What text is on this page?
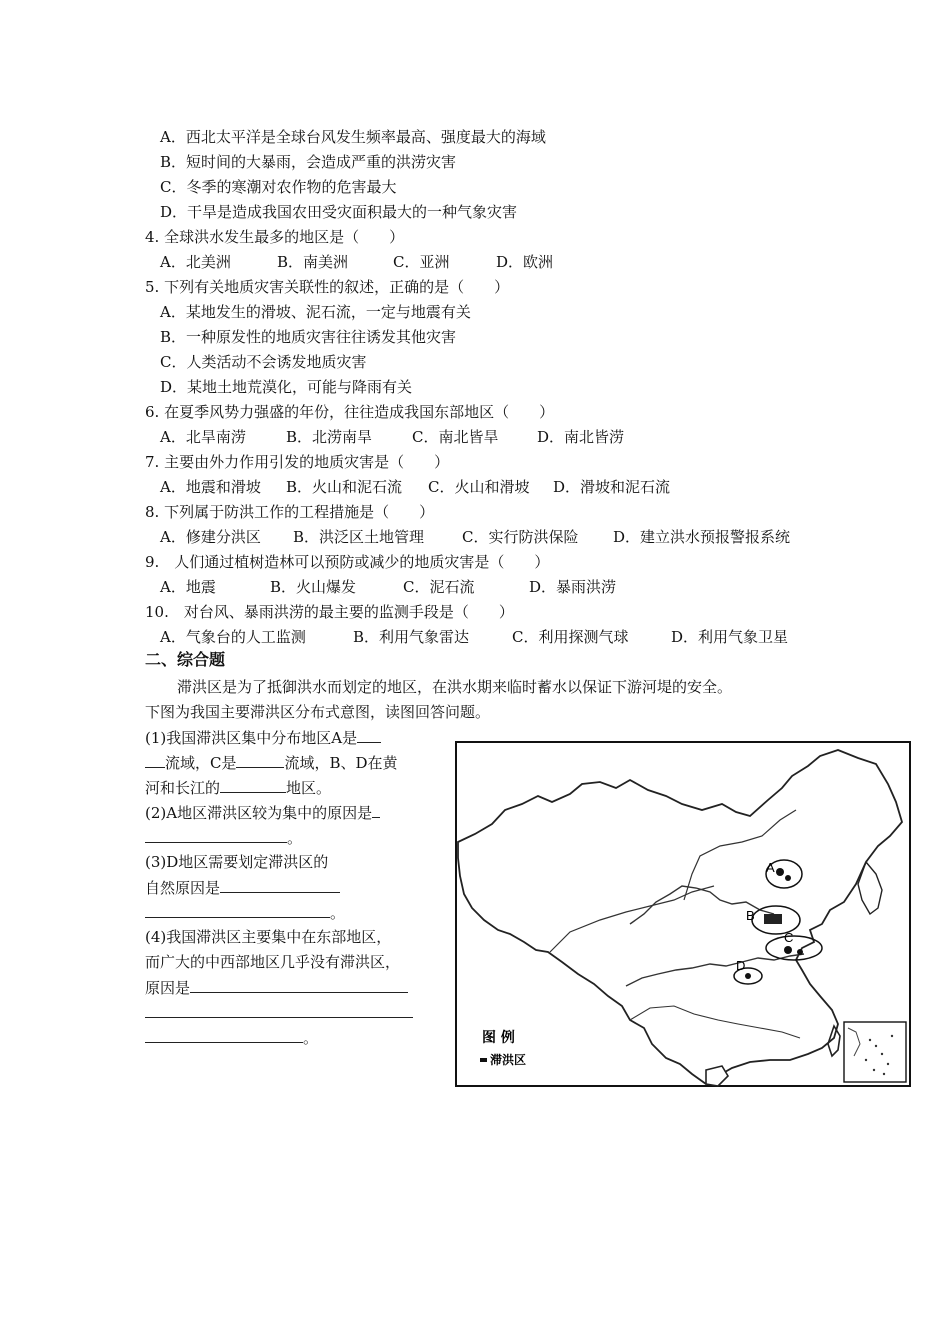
A．西北太平洋是全球台风发生频率最高、强度最大的海域
B．短时间的大暴雨，会造成严重的洪涝灾害
C．冬季的寒潮对农作物的危害最大
D．干旱是造成我国农田受灾面积最大的一种气象灾害
4. 全球洪水发生最多的地区是（　　）
A．北美洲	B．南美洲	C．亚洲	D．欧洲
5. 下列有关地质灾害关联性的叙述，正确的是（　　）
A．某地发生的滑坡、泥石流，一定与地震有关
B．一种原发性的地质灾害往往诱发其他灾害
C．人类活动不会诱发地质灾害
D．某地土地荒漠化，可能与降雨有关
6. 在夏季风势力强盛的年份，往往造成我国东部地区（　　）
A．北旱南涝	B．北涝南旱	C．南北皆旱	D．南北皆涝
7. 主要由外力作用引发的地质灾害是（　　）
A．地震和滑坡 B．火山和泥石流 C．火山和滑坡 D．滑坡和泥石流
8. 下列属于防洪工作的工程措施是（　　）
A．修建分洪区 B．洪泛区土地管理	C．实行防洪保险 D．建立洪水预报警报系统
9.　人们通过植树造林可以预防或减少的地质灾害是（　　）
A．地震	B．火山爆发	C．泥石流	D．暴雨洪涝
10.　对台风、暴雨洪涝的最主要的监测手段是（　　）
A．气象台的人工监测	B．利用气象雷达	C．利用探测气球	D．利用气象卫星
二、综合题
滞洪区是为了抵御洪水而划定的地区，在洪水期来临时蓄水以保证下游河堤的安全。
下图为我国主要滞洪区分布式意图，读图回答问题。
(1)我国滞洪区集中分布地区A是
流域，C是	流域，B、D在黄
河和长江的	地区。
(2)A地区滞洪区较为集中的原因是
。
(3)D地区需要划定滞洪区的
自然原因是
。
(4)我国滞洪区主要集中在东部地区，
而广大的中西部地区几乎没有滞洪区，
原因是
。
A
B
C
D
图 例
滞洪区
